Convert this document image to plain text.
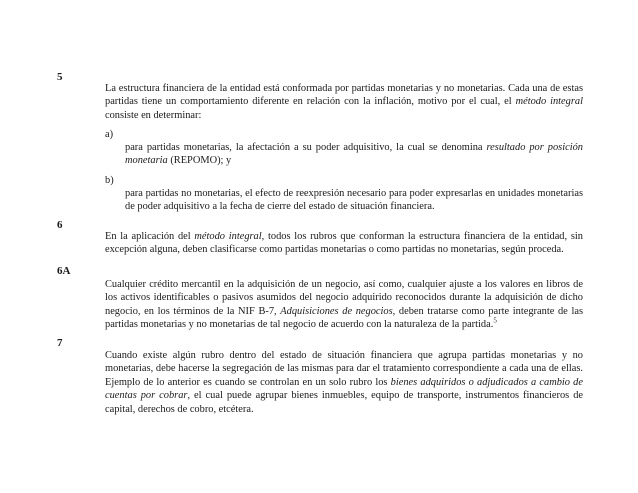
5
La estructura financiera de la entidad está conformada por partidas monetarias y no monetarias. Cada una de estas partidas tiene un comportamiento diferente en relación con la inflación, motivo por el cual, el método integral consiste en determinar:
a)
para partidas monetarias, la afectación a su poder adquisitivo, la cual se denomina resultado por posición monetaria (REPOMO); y
b)
para partidas no monetarias, el efecto de reexpresión necesario para poder expresarlas en unidades monetarias de poder adquisitivo a la fecha de cierre del estado de situación financiera.
6
En la aplicación del método integral, todos los rubros que conforman la estructura financiera de la entidad, sin excepción alguna, deben clasificarse como partidas monetarias o como partidas no monetarias, según proceda.
6A
Cualquier crédito mercantil en la adquisición de un negocio, así como, cualquier ajuste a los valores en libros de los activos identificables o pasivos asumidos del negocio adquirido reconocidos durante la adquisición de dicho negocio, en los términos de la NIF B-7, Adquisiciones de negocios, deben tratarse como parte integrante de las partidas monetarias y no monetarias de tal negocio de acuerdo con la naturaleza de la partida.$^5$
7
Cuando existe algún rubro dentro del estado de situación financiera que agrupa partidas monetarias y no monetarias, debe hacerse la segregación de las mismas para dar el tratamiento correspondiente a cada una de ellas. Ejemplo de lo anterior es cuando se controlan en un solo rubro los bienes adquiridos o adjudicados a cambio de cuentas por cobrar, el cual puede agrupar bienes inmuebles, equipo de transporte, instrumentos financieros de capital, derechos de cobro, etcétera.
